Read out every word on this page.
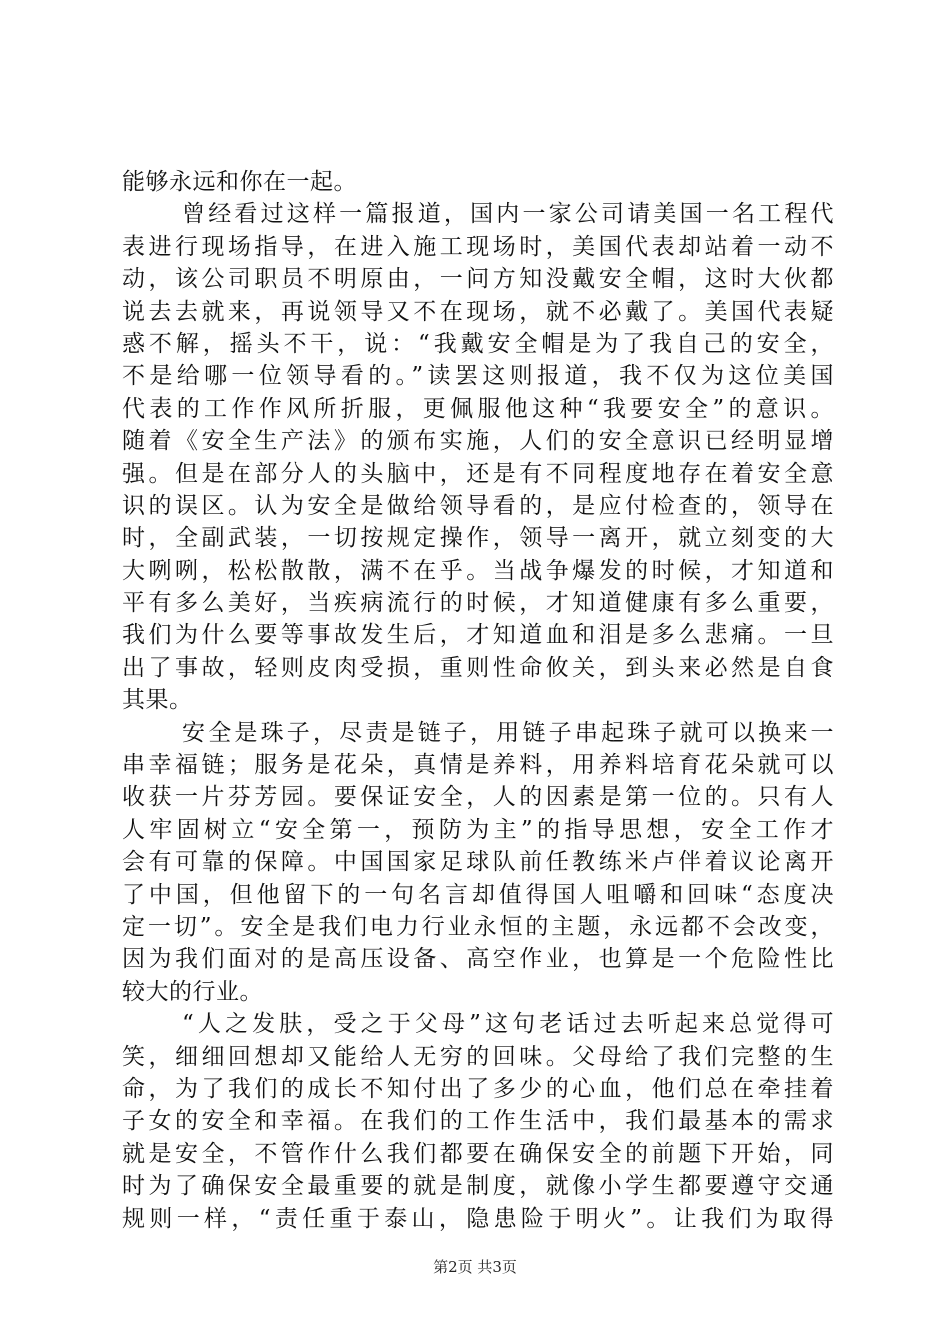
能够永远和你在一起。
曾经看过这样一篇报道，国内一家公司请美国一名工程代
表进行现场指导，在进入施工现场时，美国代表却站着一动不
动，该公司职员不明原由，一问方知没戴安全帽，这时大伙都
说去去就来，再说领导又不在现场，就不必戴了。美国代表疑
惑不解，摇头不干，说：“我戴安全帽是为了我自己的安全，
不是给哪一位领导看的。”读罢这则报道，我不仅为这位美国
代表的工作作风所折服，更佩服他这种“我要安全”的意识。
随着《安全生产法》的颁布实施，人们的安全意识已经明显增
强。但是在部分人的头脑中，还是有不同程度地存在着安全意
识的误区。认为安全是做给领导看的，是应付检查的，领导在
时，全副武装，一切按规定操作，领导一离开，就立刻变的大
大咧咧，松松散散，满不在乎。当战争爆发的时候，才知道和
平有多么美好，当疾病流行的时候，才知道健康有多么重要，
我们为什么要等事故发生后，才知道血和泪是多么悲痛。一旦
出了事故，轻则皮肉受损，重则性命攸关，到头来必然是自食
其果。
安全是珠子，尽责是链子，用链子串起珠子就可以换来一
串幸福链；服务是花朵，真情是养料，用养料培育花朵就可以
收获一片芬芳园。要保证安全，人的因素是第一位的。只有人
人牢固树立“安全第一，预防为主”的指导思想，安全工作才
会有可靠的保障。中国国家足球队前任教练米卢伴着议论离开
了中国，但他留下的一句名言却值得国人咀嚼和回味“态度决
定一切”。安全是我们电力行业永恒的主题，永远都不会改变，
因为我们面对的是高压设备、高空作业，也算是一个危险性比
较大的行业。
“人之发肤，受之于父母”这句老话过去听起来总觉得可
笑，细细回想却又能给人无穷的回味。父母给了我们完整的生
命，为了我们的成长不知付出了多少的心血，他们总在牵挂着
子女的安全和幸福。在我们的工作生活中，我们最基本的需求
就是安全，不管作什么我们都要在确保安全的前题下开始，同
时为了确保安全最重要的就是制度，就像小学生都要遵守交通
规则一样，“责任重于泰山，隐患险于明火”。让我们为取得
第2页 共3页
